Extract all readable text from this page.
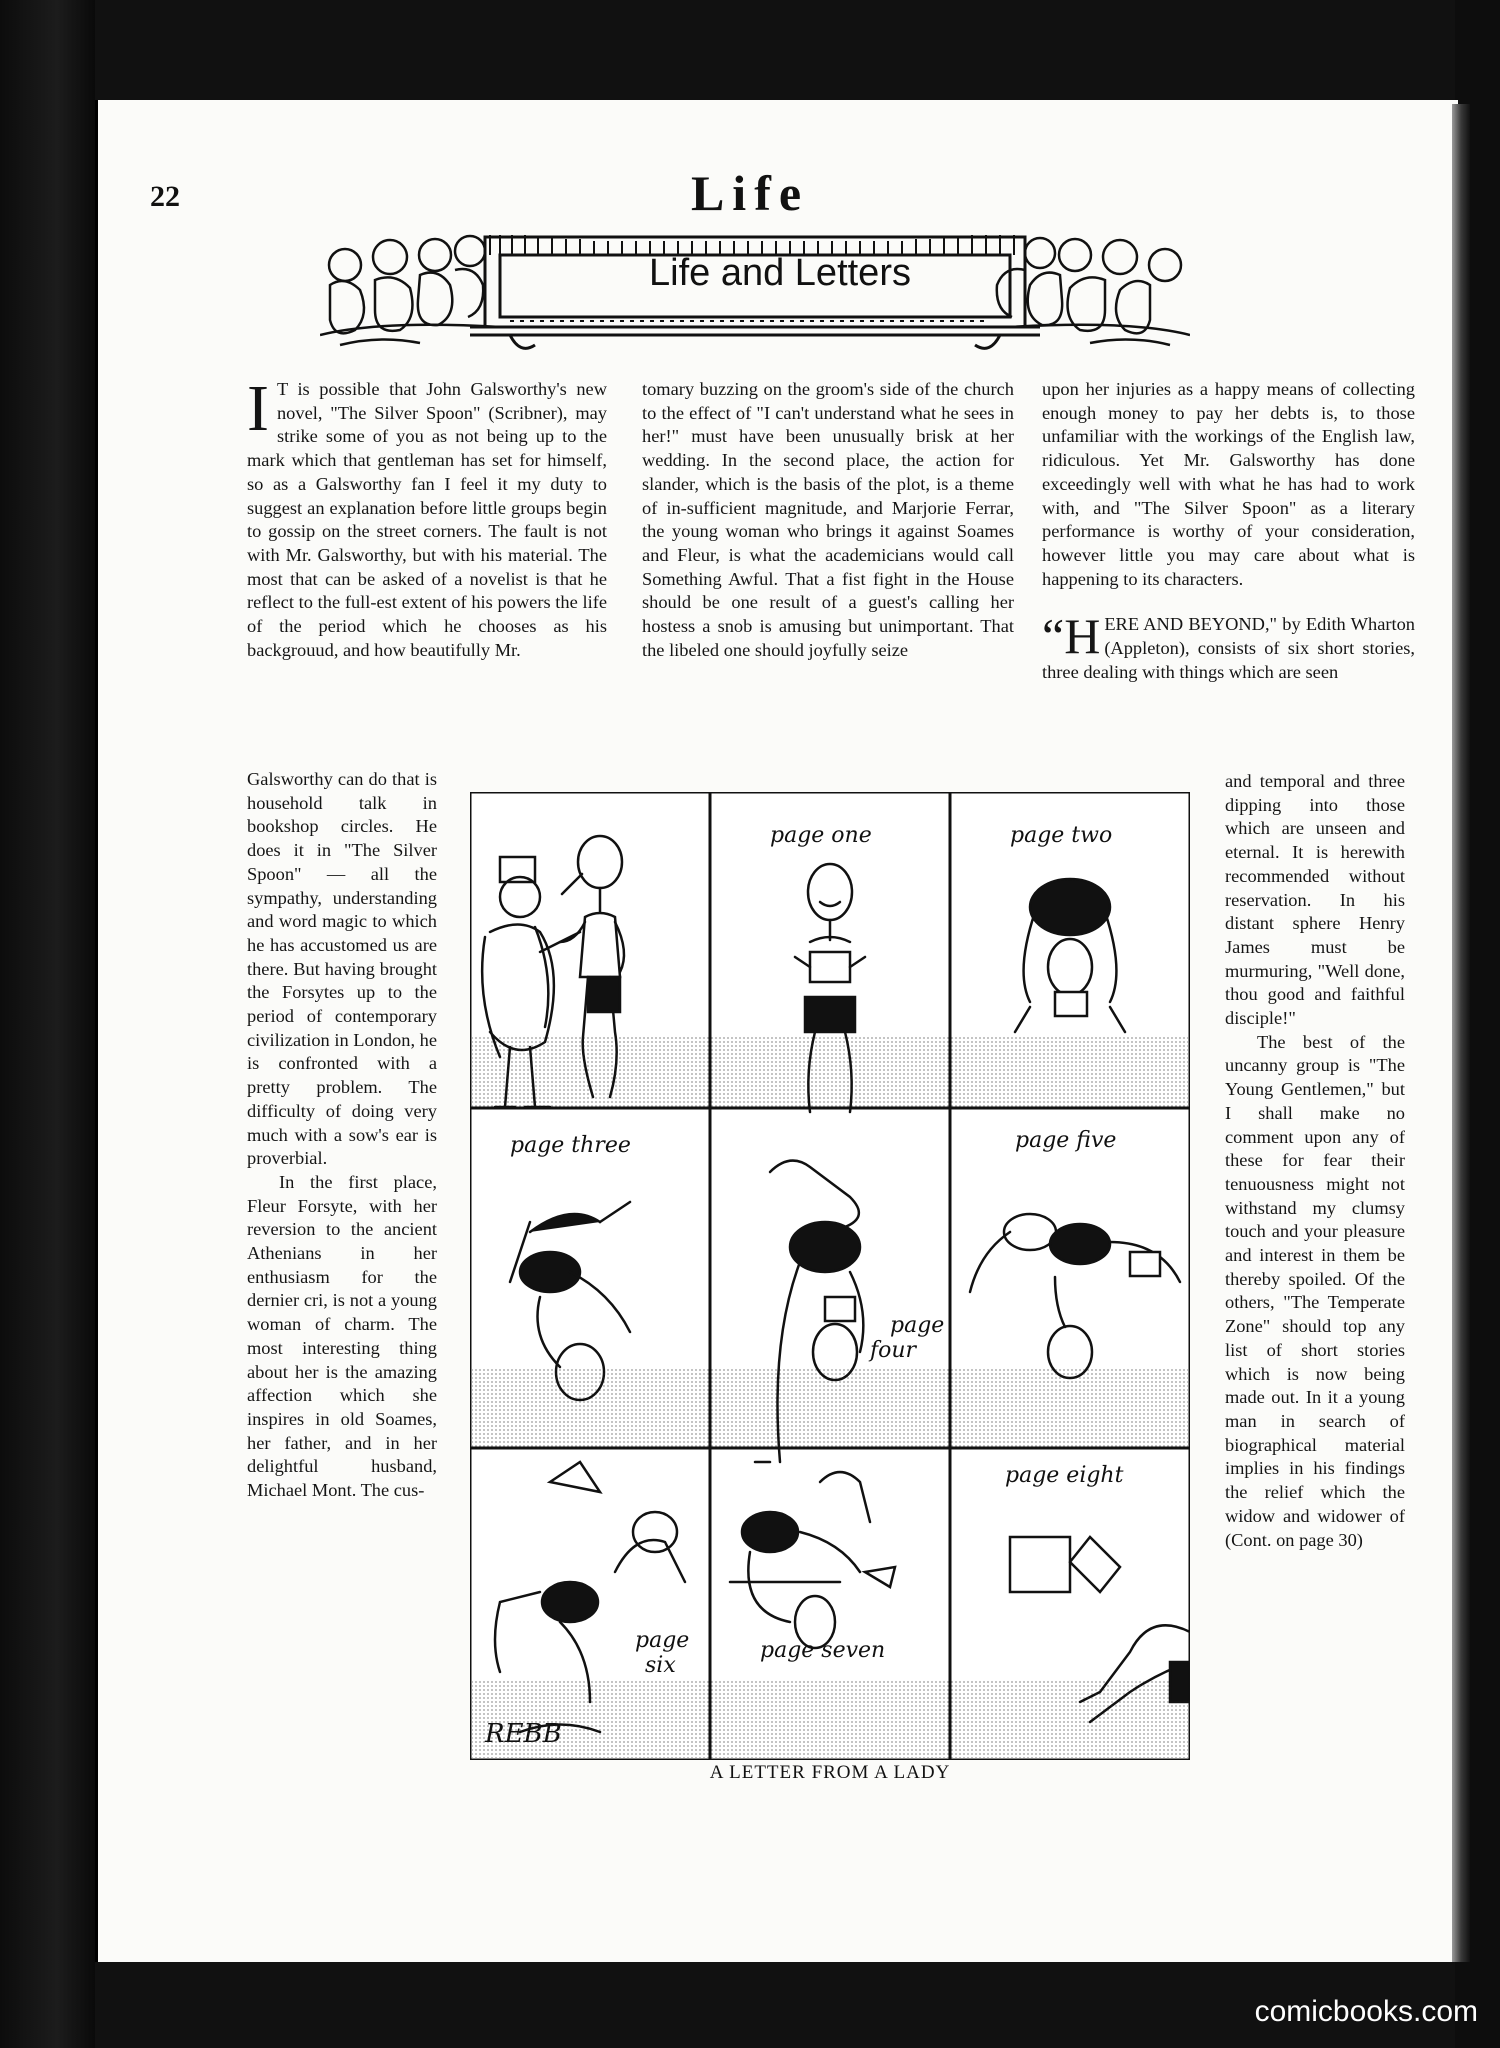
22	Life
Life and Letters
I T is possible that John Galsworthy's new novel, "The Silver Spoon" (Scribner), may strike some of you as not being up to the mark which that gentleman has set for himself, so as a Galsworthy fan I feel it my duty to suggest an explanation before little groups begin to gossip on the street corners. The fault is not with Mr. Galsworthy, but with his material. The most that can be asked of a novelist is that he reflect to the full-est extent of his powers the life of the period which he chooses as his backgrouud, and how beautifully Mr.

Galsworthy can do that is household talk in bookshop circles. He does it in "The Silver Spoon" — all the sympathy, understanding and word magic to which he has accustomed us are there. But having brought the Forsytes up to the period of contemporary civilization in London, he is confronted with a pretty problem. The difficulty of doing very much with a sow's ear is proverbial.

In the first place, Fleur Forsyte, with her reversion to the ancient Athenians in her enthusiasm for the dernier cri, is not a young woman of charm. The most interesting thing about her is the amazing affection which she inspires in old Soames, her father, and in her delightful husband, Michael Mont. The cus-

tomary buzzing on the groom's side of the church to the effect of "I can't understand what he sees in her!" must have been unusually brisk at her wedding. In the second place, the action for slander, which is the basis of the plot, is a theme of in-sufficient magnitude, and Marjorie Ferrar, the young woman who brings it against Soames and Fleur, is what the academicians would call Something Awful. That a fist fight in the House should be one result of a guest's calling her hostess a snob is amusing but unimportant. That the libeled one should joyfully seize

upon her injuries as a happy means of collecting enough money to pay her debts is, to those unfamiliar with the workings of the English law, ridiculous. Yet Mr. Galsworthy has done exceedingly well with what he has had to work with, and "The Silver Spoon" as a literary performance is worthy of your consideration, however little you may care about what is happening to its characters.

“H ERE AND BEYOND," by Edith Wharton (Appleton), consists of six short stories, three dealing with things which are seen

and temporal and three dipping into those which are unseen and eternal. It is herewith recommended without reservation. In his distant sphere Henry James must be murmuring, "Well done, thou good and faithful disciple!"

The best of the uncanny group is "The Young Gentlemen," but I shall make no comment upon any of these for fear their tenuousness might not withstand my clumsy touch and your pleasure and interest in them be thereby spoiled. Of the others, "The Temperate Zone" should top any list of short stories which is now being made out. In it a young man in search of biographical material implies in his findings the relief which the widow and widower of (Cont. on page 30)

page one	page two
page three
page
four
page five
page
six
page seven
page eight
REBB
A LETTER FROM A LADY
comicbooks.com
